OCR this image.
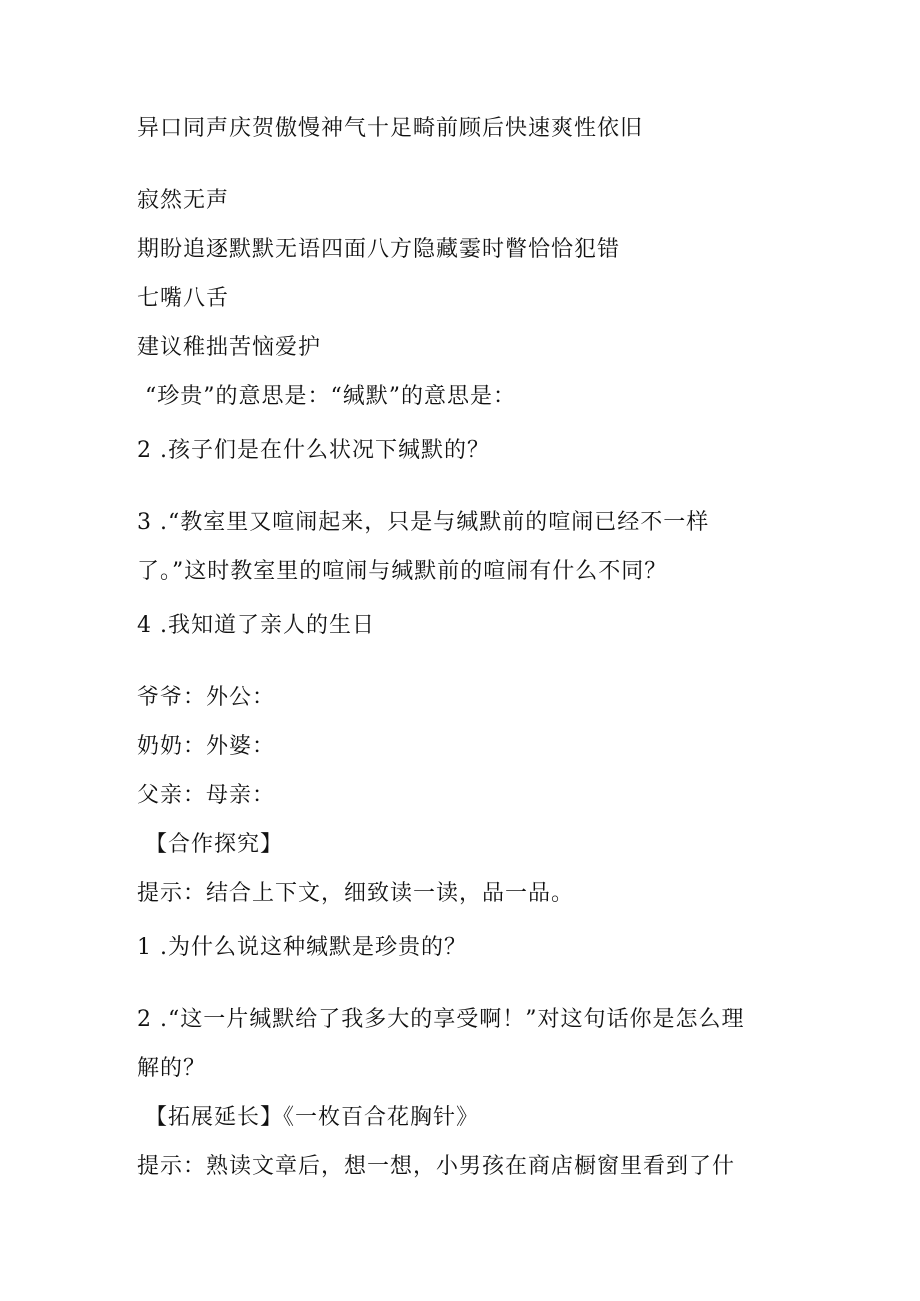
异口同声庆贺傲慢神气十足畸前顾后快速爽性依旧
寂然无声
期盼追逐默默无语四面八方隐藏霎时瞥恰恰犯错
七嘴八舌
建议稚拙苦恼爱护
“珍贵”的意思是：“缄默”的意思是：
2 .孩子们是在什么状况下缄默的？
3 .“教室里又喧闹起来，只是与缄默前的喧闹已经不一样
了。”这时教室里的喧闹与缄默前的喧闹有什么不同？
4 .我知道了亲人的生日
爷爷：外公：
奶奶：外婆：
父亲：母亲：
【合作探究】
提示：结合上下文，细致读一读，品一品。
1 .为什么说这种缄默是珍贵的？
2 .“这一片缄默给了我多大的享受啊！”对这句话你是怎么理
解的？
【拓展延长】《一枚百合花胸针》
提示：熟读文章后，想一想，小男孩在商店橱窗里看到了什
